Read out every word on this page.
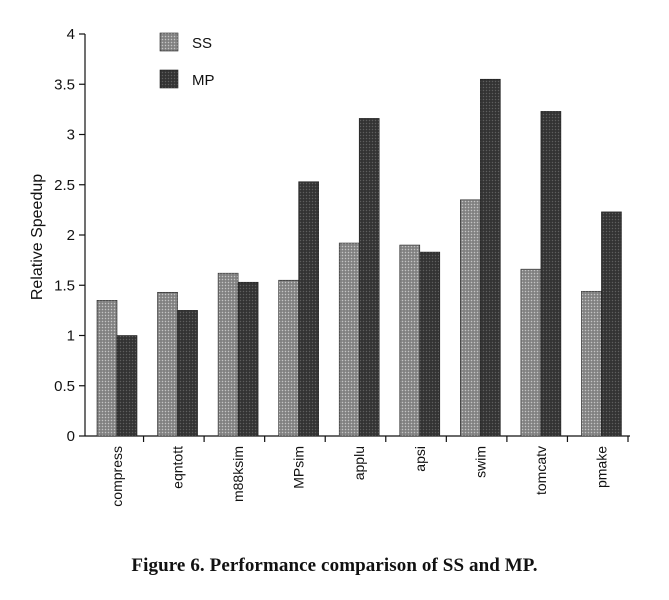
0
0.5
1
1.5
2
2.5
3
3.5
4
compress	eqntott	m88ksim	MPsim	applu	apsi	swim	tomcatv	pmake
SS
MP
Relative Speedup
Figure 6. Performance comparison of SS and MP.
